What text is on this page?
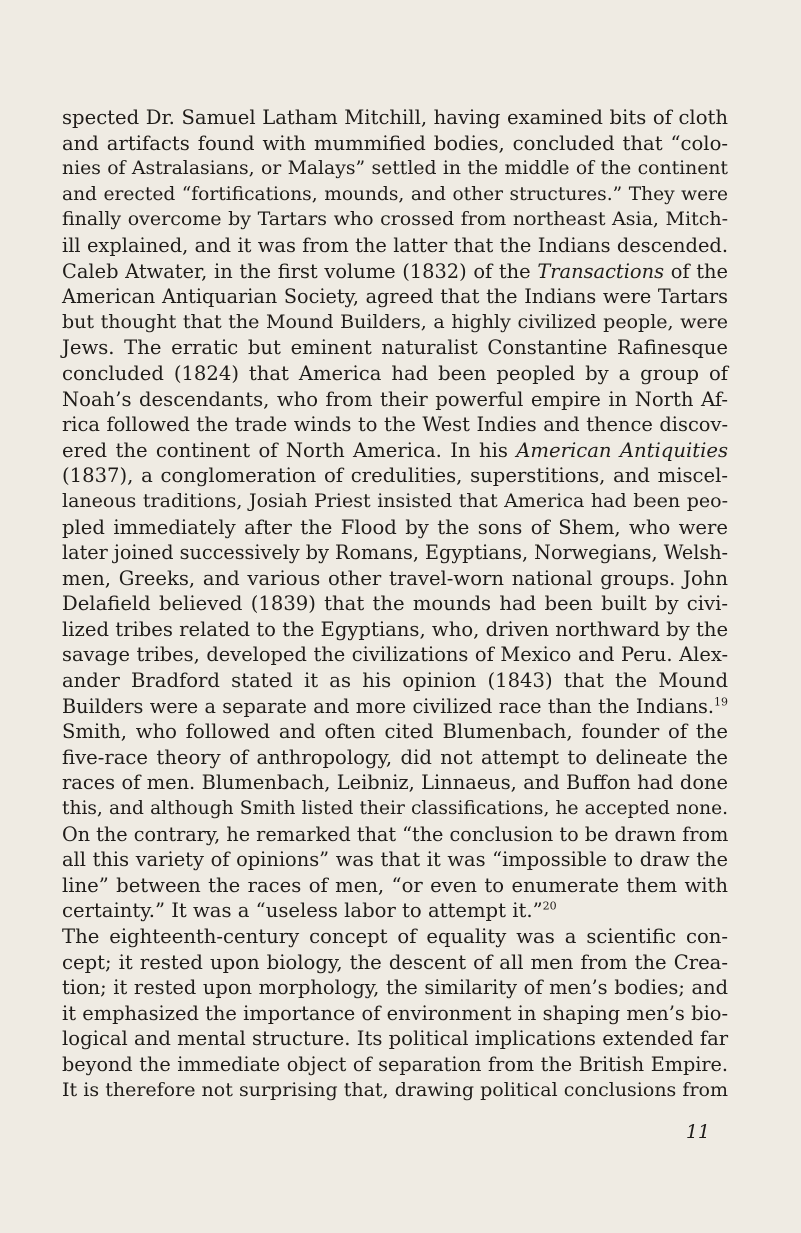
spected Dr. Samuel Latham Mitchill, having examined bits of cloth
and artifacts found with mummified bodies, concluded that “colo-
nies of Astralasians, or Malays” settled in the middle of the continent
and erected “fortifications, mounds, and other structures.” They were
finally overcome by Tartars who crossed from northeast Asia, Mitch-
ill explained, and it was from the latter that the Indians descended.
Caleb Atwater, in the first volume (1832) of the Transactions of the
American Antiquarian Society, agreed that the Indians were Tartars
but thought that the Mound Builders, a highly civilized people, were
Jews. The erratic but eminent naturalist Constantine Rafinesque
concluded (1824) that America had been peopled by a group of
Noah’s descendants, who from their powerful empire in North Af-
rica followed the trade winds to the West Indies and thence discov-
ered the continent of North America. In his American Antiquities
(1837), a conglomeration of credulities, superstitions, and miscel-
laneous traditions, Josiah Priest insisted that America had been peo-
pled immediately after the Flood by the sons of Shem, who were
later joined successively by Romans, Egyptians, Norwegians, Welsh-
men, Greeks, and various other travel-worn national groups. John
Delafield believed (1839) that the mounds had been built by civi-
lized tribes related to the Egyptians, who, driven northward by the
savage tribes, developed the civilizations of Mexico and Peru. Alex-
ander Bradford stated it as his opinion (1843) that the Mound
Builders were a separate and more civilized race than the Indians.$^{19}$
Smith, who followed and often cited Blumenbach, founder of the
five-race theory of anthropology, did not attempt to delineate the
races of men. Blumenbach, Leibniz, Linnaeus, and Buffon had done
this, and although Smith listed their classifications, he accepted none.
On the contrary, he remarked that “the conclusion to be drawn from
all this variety of opinions” was that it was “impossible to draw the
line” between the races of men, “or even to enumerate them with
certainty.” It was a “useless labor to attempt it.”$^{20}$
The eighteenth-century concept of equality was a scientific con-
cept; it rested upon biology, the descent of all men from the Crea-
tion; it rested upon morphology, the similarity of men’s bodies; and
it emphasized the importance of environment in shaping men’s bio-
logical and mental structure. Its political implications extended far
beyond the immediate object of separation from the British Empire.
It is therefore not surprising that, drawing political conclusions from
11
